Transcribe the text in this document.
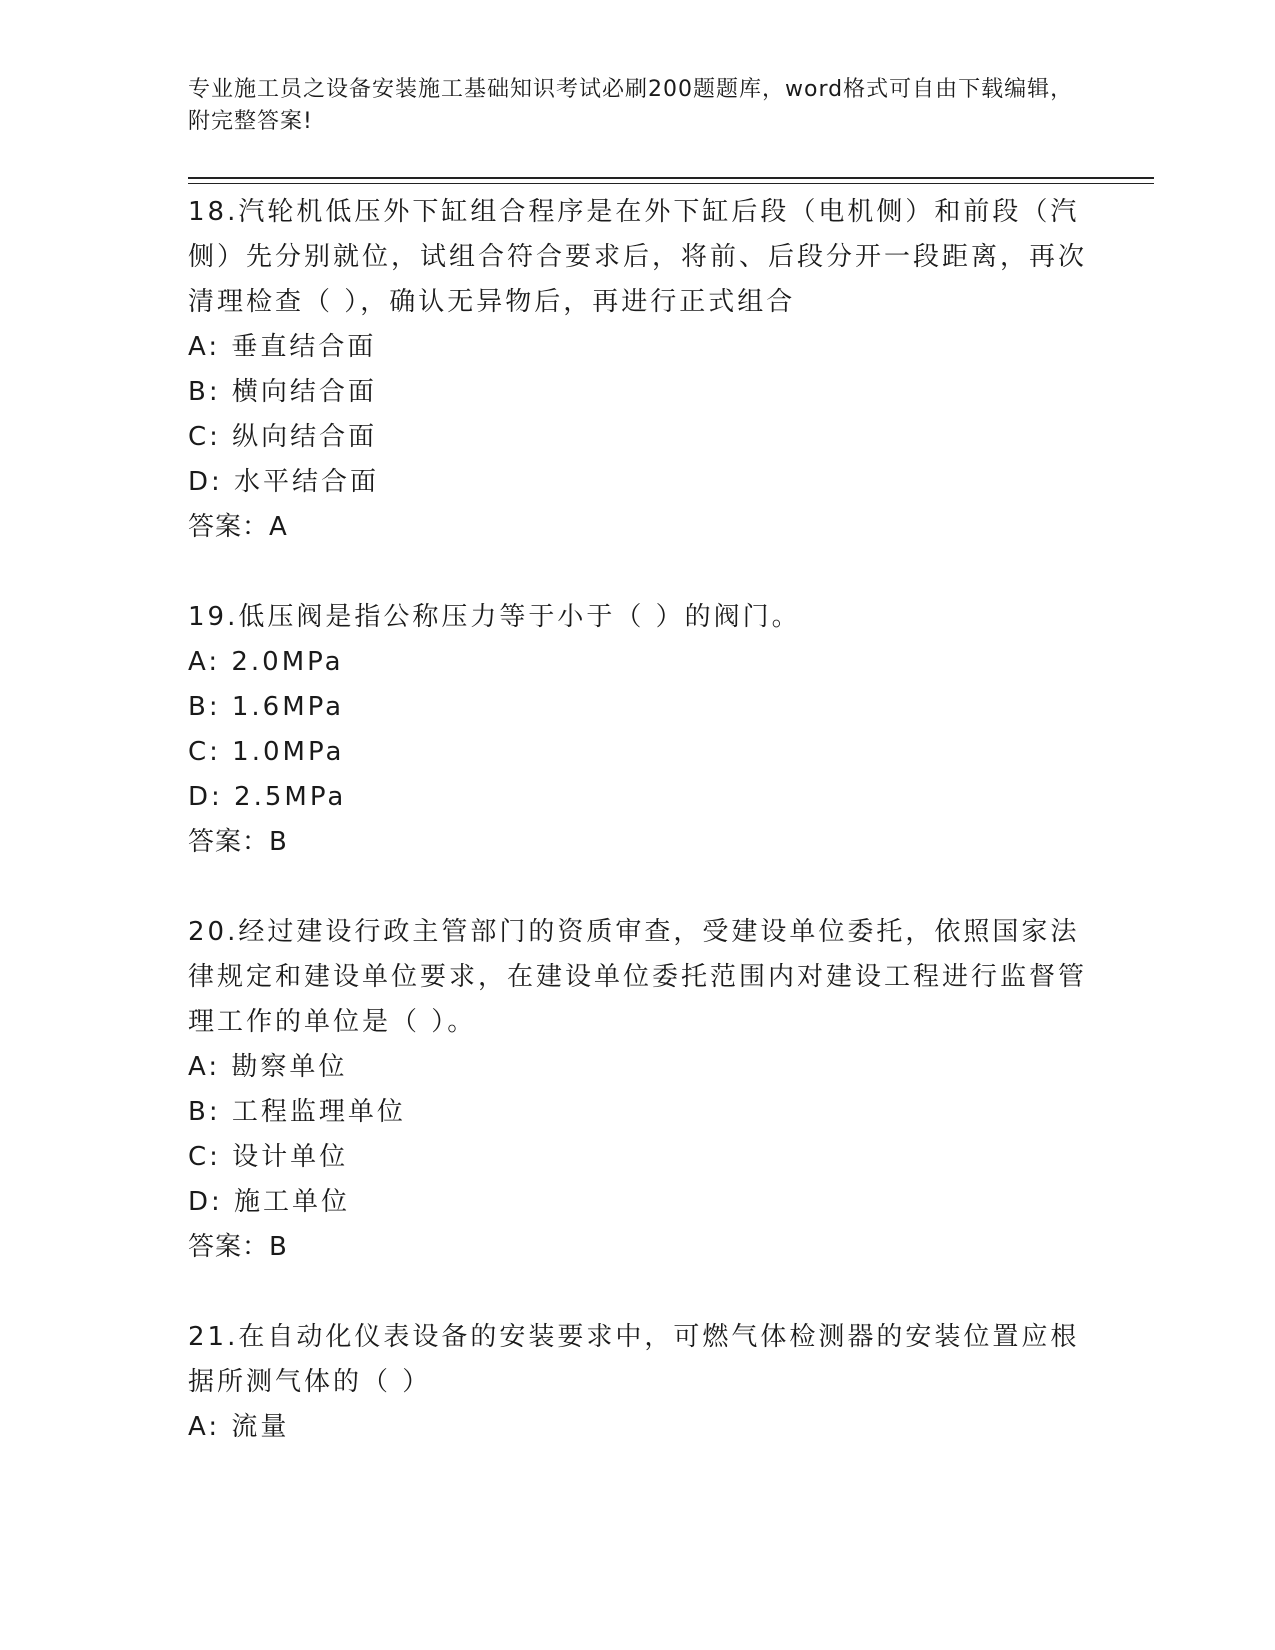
专业施工员之设备安装施工基础知识考试必刷200题题库，word格式可自由下载编辑，附完整答案!
18.汽轮机低压外下缸组合程序是在外下缸后段（电机侧）和前段（汽侧）先分别就位，试组合符合要求后，将前、后段分开一段距离，再次清理检查（ ），确认无异物后，再进行正式组合
A: 垂直结合面
B: 横向结合面
C: 纵向结合面
D: 水平结合面
答案：A
19.低压阀是指公称压力等于小于（ ）的阀门。
A: 2.0MPa
B: 1.6MPa
C: 1.0MPa
D: 2.5MPa
答案：B
20.经过建设行政主管部门的资质审查，受建设单位委托，依照国家法律规定和建设单位要求，在建设单位委托范围内对建设工程进行监督管理工作的单位是（ ）。
A: 勘察单位
B: 工程监理单位
C: 设计单位
D: 施工单位
答案：B
21.在自动化仪表设备的安装要求中，可燃气体检测器的安装位置应根据所测气体的（ ）
A: 流量
